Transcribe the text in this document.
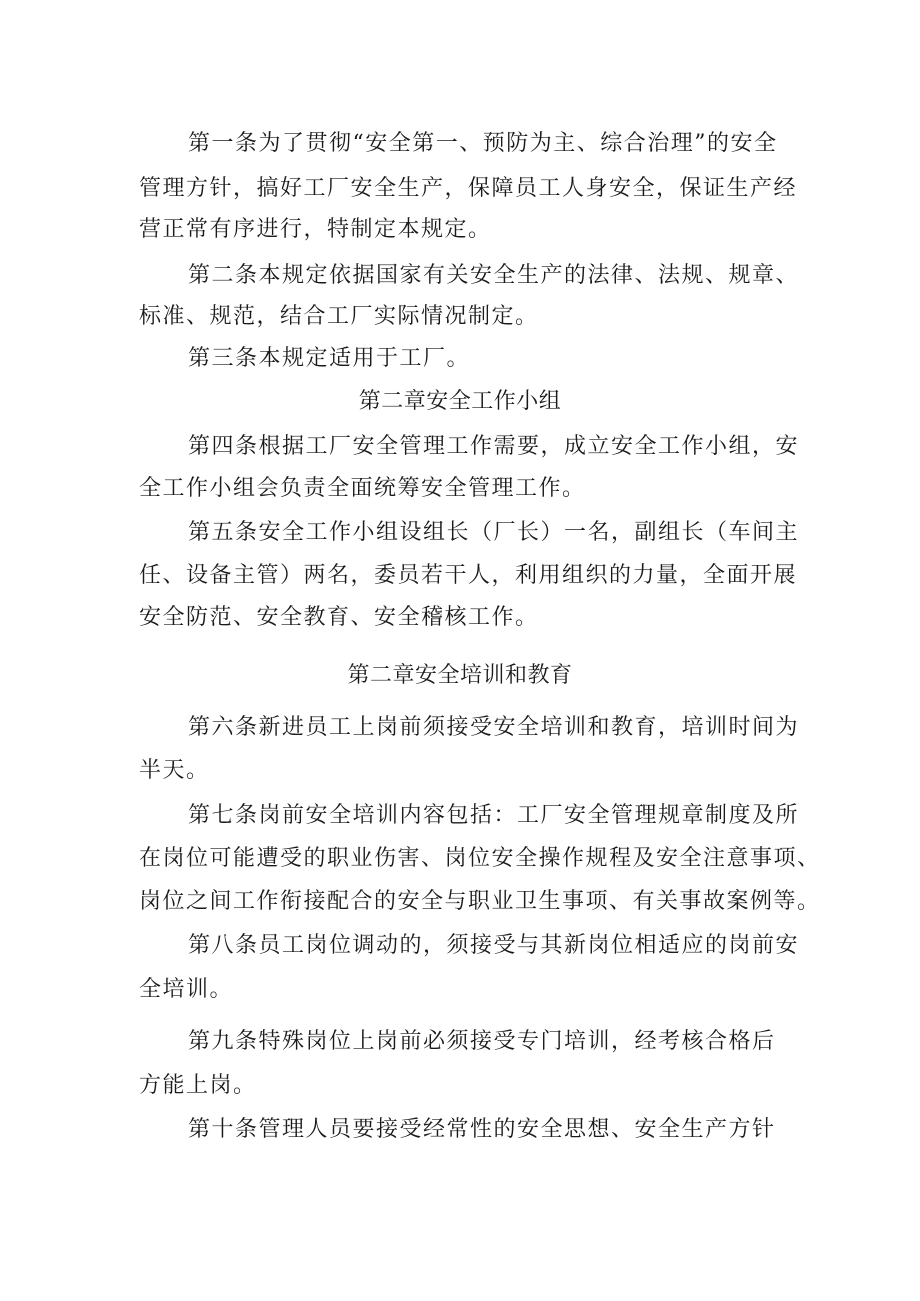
第一条为了贯彻“安全第一、预防为主、综合治理”的安全
管理方针，搞好工厂安全生产，保障员工人身安全，保证生产经
营正常有序进行，特制定本规定。
第二条本规定依据国家有关安全生产的法律、法规、规章、
标准、规范，结合工厂实际情况制定。
第三条本规定适用于工厂。
第二章安全工作小组
第四条根据工厂安全管理工作需要，成立安全工作小组，安
全工作小组会负责全面统筹安全管理工作。
第五条安全工作小组设组长（厂长）一名，副组长（车间主
任、设备主管）两名，委员若干人，利用组织的力量，全面开展
安全防范、安全教育、安全稽核工作。
第二章安全培训和教育
第六条新进员工上岗前须接受安全培训和教育，培训时间为
半天。
第七条岗前安全培训内容包括：工厂安全管理规章制度及所
在岗位可能遭受的职业伤害、岗位安全操作规程及安全注意事项、
岗位之间工作衔接配合的安全与职业卫生事项、有关事故案例等。
第八条员工岗位调动的，须接受与其新岗位相适应的岗前安
全培训。
第九条特殊岗位上岗前必须接受专门培训，经考核合格后
方能上岗。
第十条管理人员要接受经常性的安全思想、安全生产方针
